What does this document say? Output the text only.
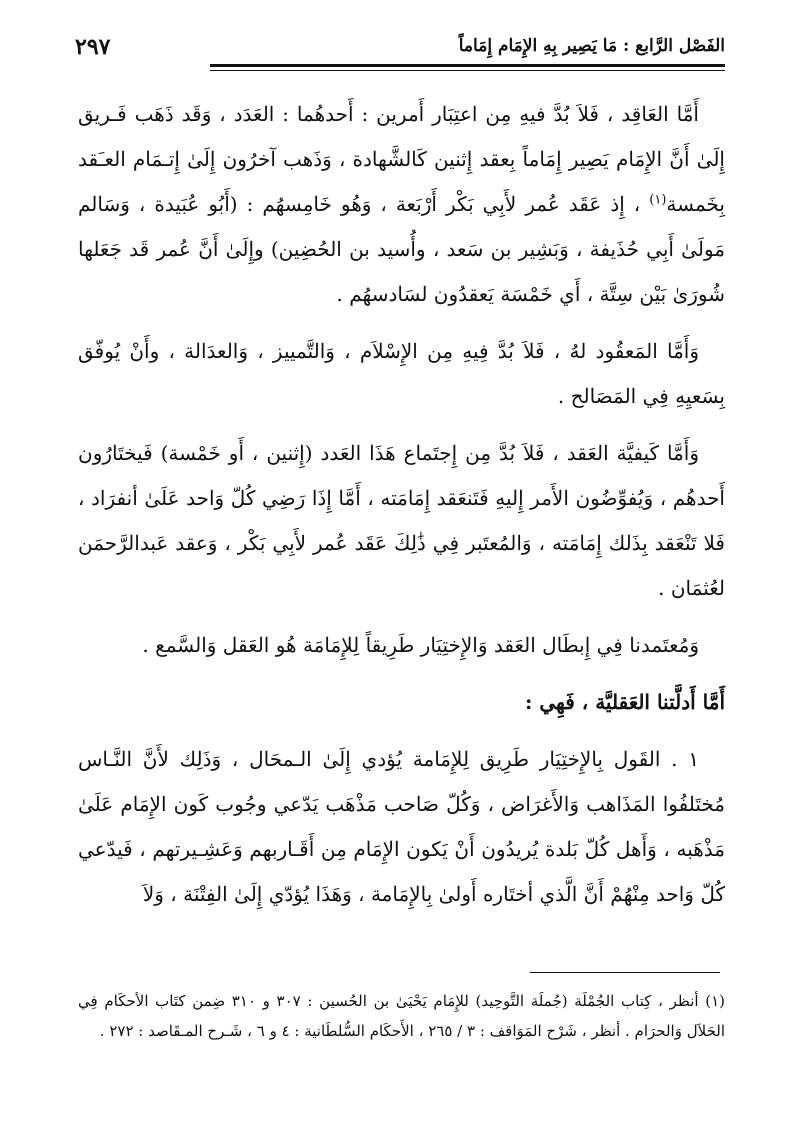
الفَصْل الرَّابع : مَا يَصِير بِهِ الإِمَام إِمَاماً
٢٩٧

أَمَّا العَاقِد ، فَلاَ بُدَّ فيهِ مِن اعتِبَار أَمرين : أَحدهُما : العَدَد ، وَقَد ذَهَب فَـريق إِلَىٰ أَنَّ الإِمَام يَصِير إِمَاماً بِعقد إِثنين كَالشَّهادة ، وَذَهب آخرُون إِلَىٰ إِتـمَام العـَقد بِخَمسة$^{(١)}$ ، إِذ عَقَد عُمر لأَبِي بَكْر أَرْبَعة ، وَهُو خَامِسهُم : (أَبُو عُبَيدة ، وَسَالم مَولَىٰ أَبِي حُذَيفة ، وَبَشِير بن سَعد ، وأُسيد بن الحُضِين) وإِلَىٰ أَنَّ عُمر قَد جَعَلها شُورَىٰ بَيْن سِتَّة ، أَي خَمْسَة يَعقدُون لسَادسهُم .

وَأَمَّا المَعقُود لهُ ، فَلاَ بُدَّ فِيهِ مِن الإِسْلاَم ، وَالتَّمييز ، وَالعدَالة ، وأَنْ يُوفّق بِسَعيِهِ فِي المَصَالح .

وَأَمَّا كَيفيَّة العَقد ، فَلاَ بُدَّ مِن إِجتَماع هَذَا العَدد (إِثنين ، أَو خَمْسة) فَيختَارُون أَحدهُم ، وَيُفوِّضُون الأَمر إِليهِ فَتَنعَقد إِمَامَته ، أَمَّا إِذَا رَضِي كُلّ وَاحد عَلَىٰ أنفرَاد ، فَلا تَنْعَقد بِذَلك إِمَامَته ، وَالمُعتَبر فِي ذَٰلِكَ عَقَد عُمر لأَبِي بَكْر ، وَعقد عَبدالرَّحمَن لعُثمَان .

وَمُعتَمدنا فِي إِبطَال العَقد وَالإِختِيَار طَرِيقاً لِلإِمَامَة هُو العَقل وَالسَّمع .

أَمَّا أَدلَّتنا العَقليَّة ، فَهِي :

١ . القَول بِالإِختِيَار طَرِيق لِلإِمَامة يُؤدي إِلَىٰ الـمحَال ، وَذَلِك لأَنَّ النَّـاس مُختَلفُوا المَذَاهب وَالأَغرَاض ، وَكُلّ صَاحب مَذْهَب يَدّعي وجُوب كَون الإِمَام عَلَىٰ مَذْهَبه ، وَأَهل كُلّ بَلدة يُريدُون أَنْ يَكون الإِمَام مِن أَقَـاربهم وَعَشِـيرتهم ، فَيدّعي كُلّ وَاحد مِنْهُمْ أَنَّ الَّذي أختَاره أَولىٰ بِالإِمَامة ، وَهَذَا يُؤدّي إِلَىٰ الفِتْنَة ، وَلاَ

(١) أنظر ، كِتاب الجُمْلَة (جُملَة التَّوحِيد) للإِمَام يَحْيَىٰ بن الحُسين : ٣٠٧ و ٣١٠ ضِمن كتَاب الأحكَام فِي الحَلاَل وَالحرَام . أنظر ، شَرْح المَوَاقف : ٣ / ٢٦٥ ، الأَحكَام السُّلطَانية : ٤ و ٦ ، شَـرح المـقَاصد : ٢٧٢ .
